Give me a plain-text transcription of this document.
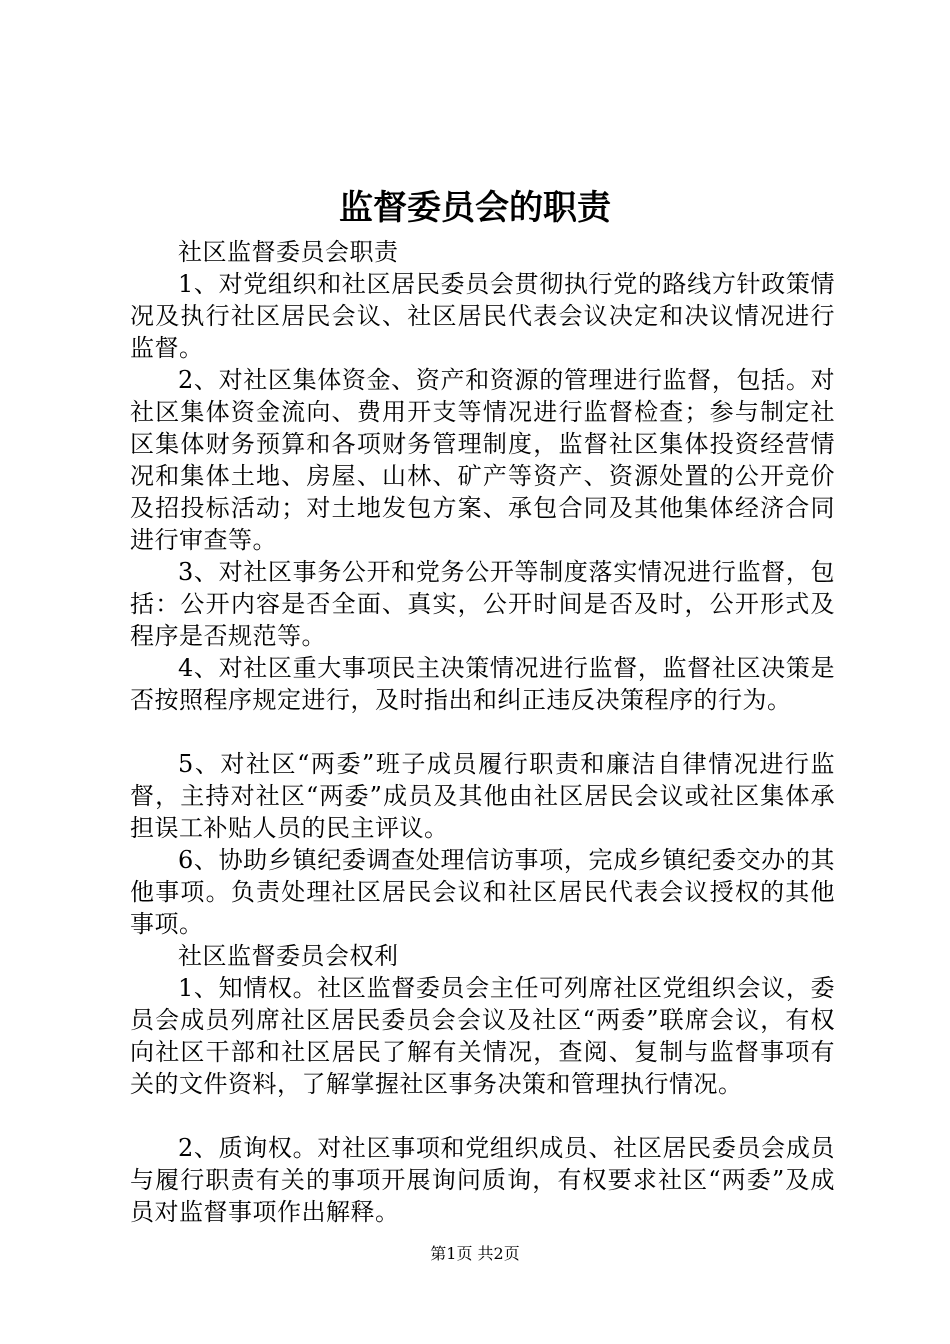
监督委员会的职责

社区监督委员会职责

1、对党组织和社区居民委员会贯彻执行党的路线方针政策情况及执行社区居民会议、社区居民代表会议决定和决议情况进行监督。

2、对社区集体资金、资产和资源的管理进行监督，包括。对社区集体资金流向、费用开支等情况进行监督检查；参与制定社区集体财务预算和各项财务管理制度，监督社区集体投资经营情况和集体土地、房屋、山林、矿产等资产、资源处置的公开竞价及招投标活动；对土地发包方案、承包合同及其他集体经济合同进行审查等。

3、对社区事务公开和党务公开等制度落实情况进行监督，包括：公开内容是否全面、真实，公开时间是否及时，公开形式及程序是否规范等。

4、对社区重大事项民主决策情况进行监督，监督社区决策是否按照程序规定进行，及时指出和纠正违反决策程序的行为。

5、对社区“两委”班子成员履行职责和廉洁自律情况进行监督，主持对社区“两委”成员及其他由社区居民会议或社区集体承担误工补贴人员的民主评议。

6、协助乡镇纪委调查处理信访事项，完成乡镇纪委交办的其他事项。负责处理社区居民会议和社区居民代表会议授权的其他事项。

社区监督委员会权利

1、知情权。社区监督委员会主任可列席社区党组织会议，委员会成员列席社区居民委员会会议及社区“两委”联席会议，有权向社区干部和社区居民了解有关情况，查阅、复制与监督事项有关的文件资料，了解掌握社区事务决策和管理执行情况。

2、质询权。对社区事项和党组织成员、社区居民委员会成员与履行职责有关的事项开展询问质询，有权要求社区“两委”及成员对监督事项作出解释。

第1页 共2页
